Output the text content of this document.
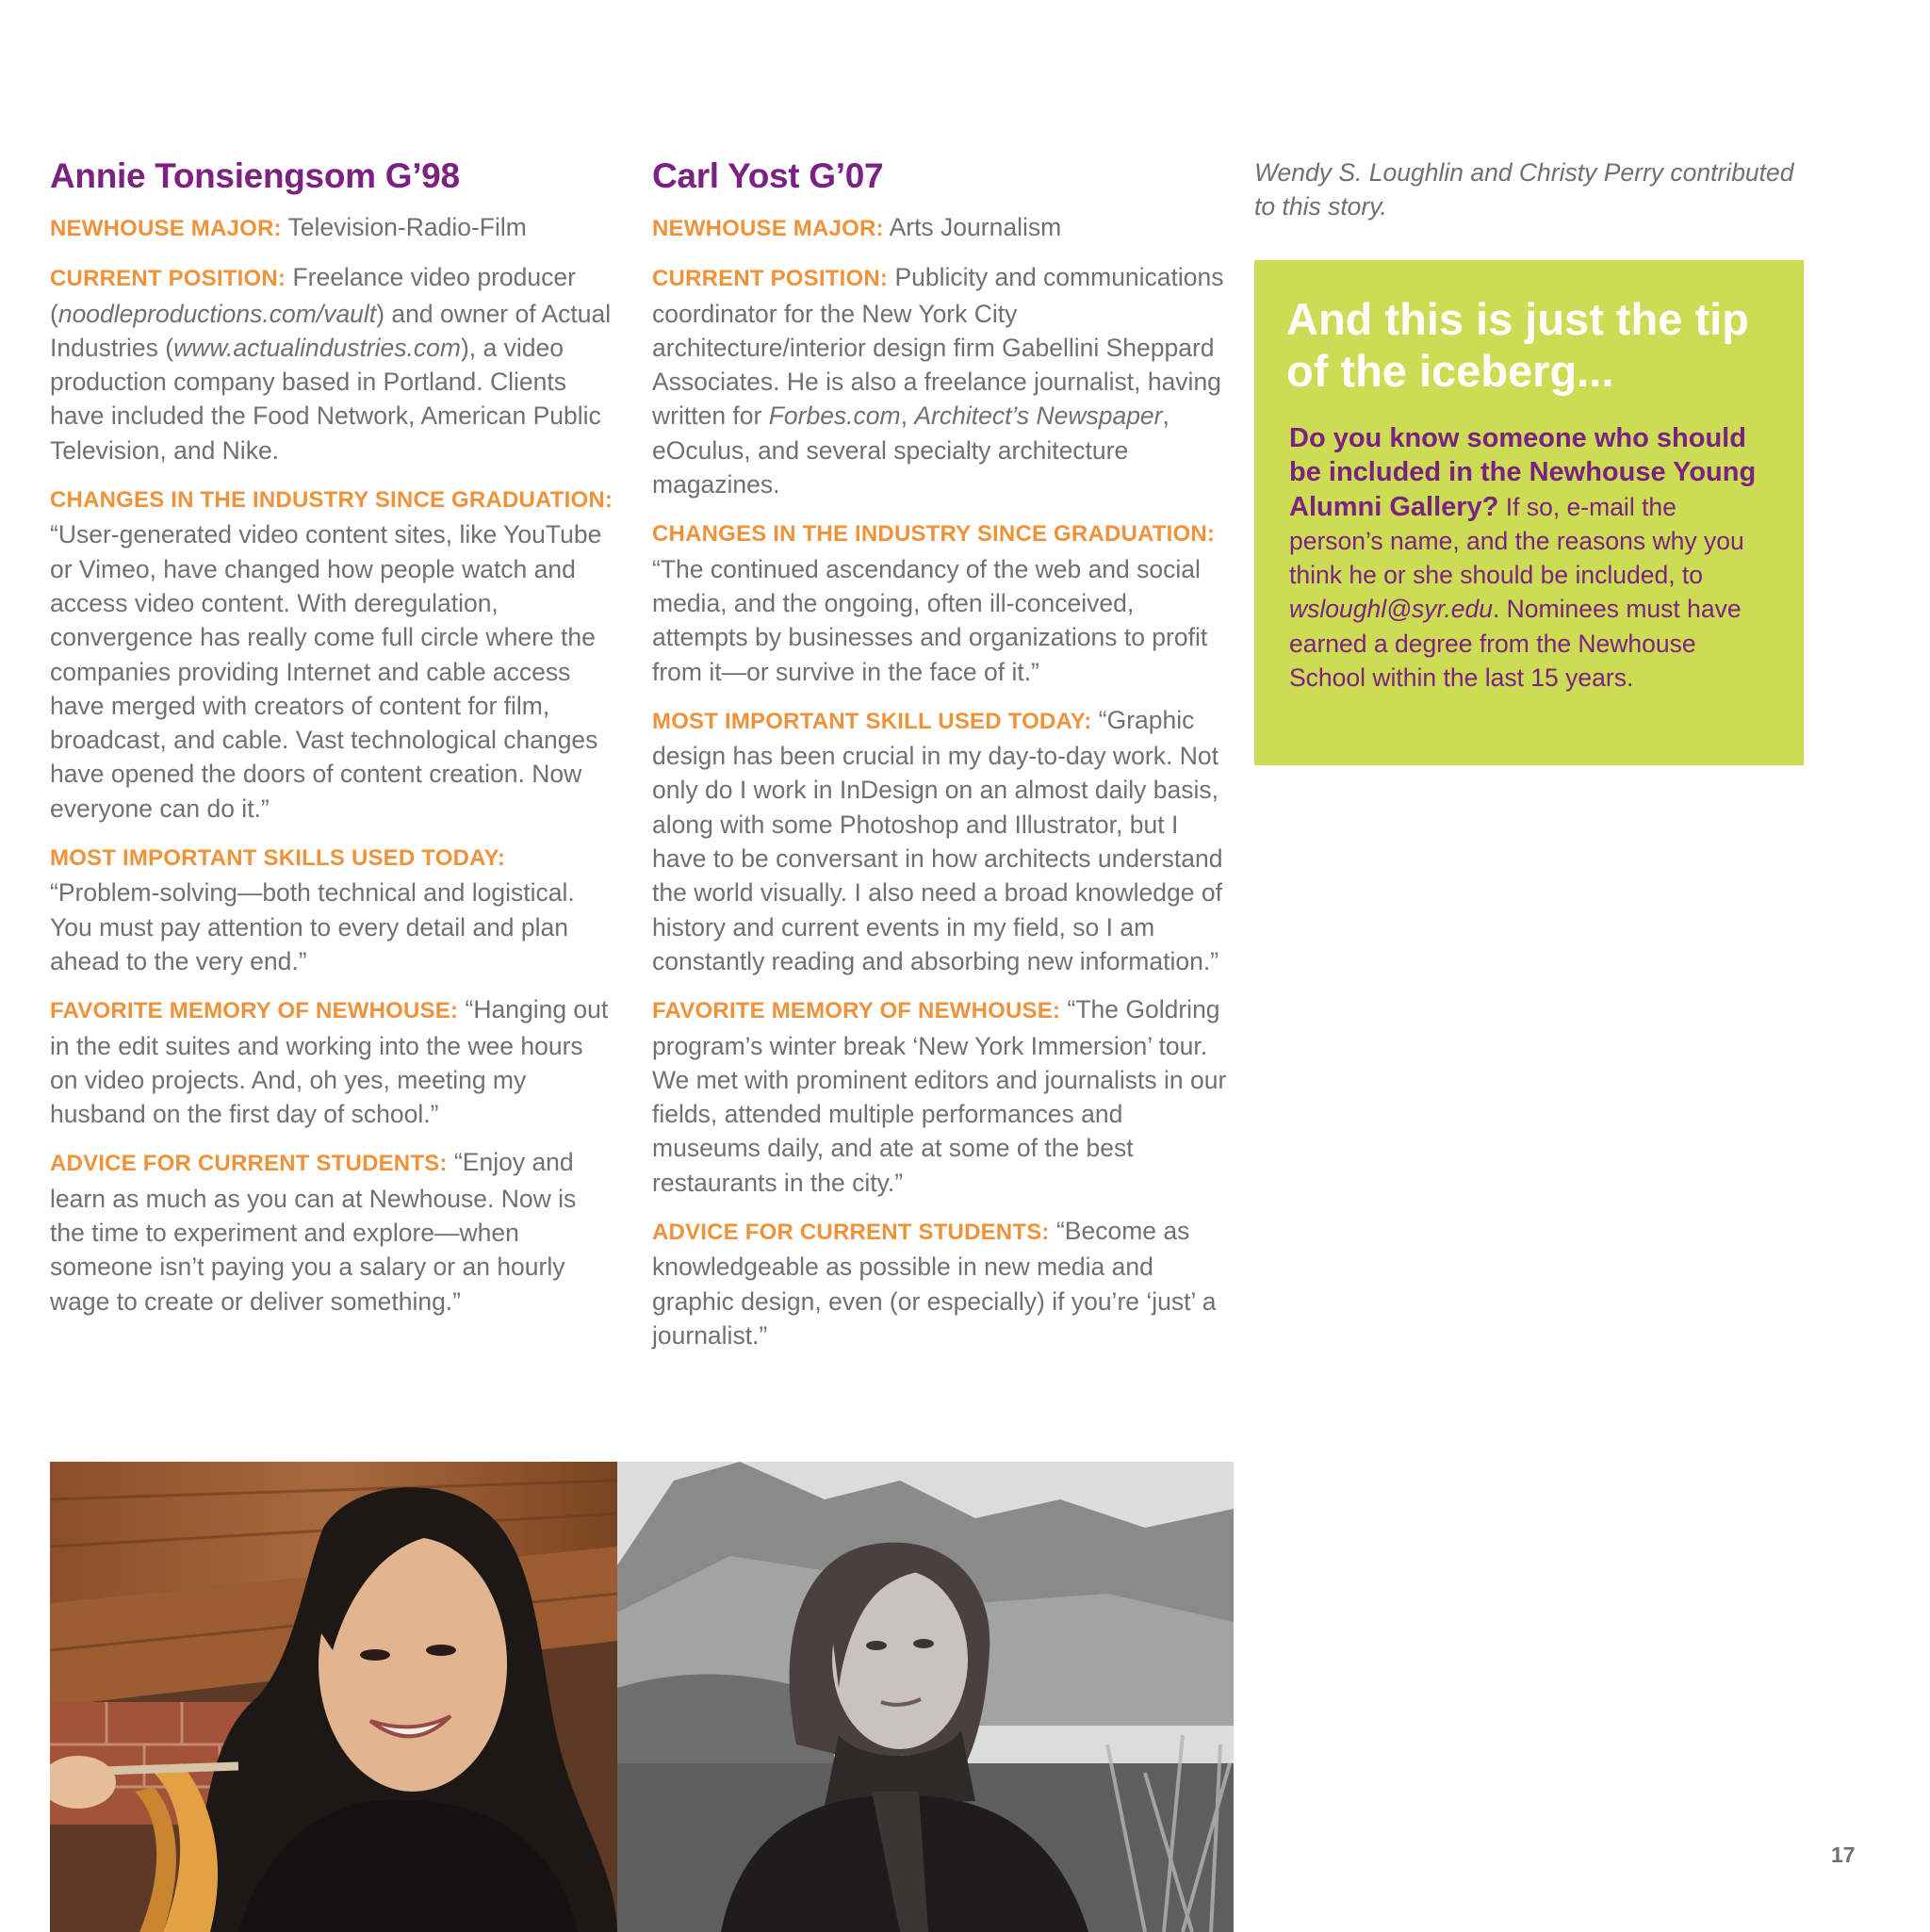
Annie Tonsiengsom G’98

NEWHOUSE MAJOR: Television-Radio-Film

CURRENT POSITION: Freelance video producer (noodleproductions.com/vault) and owner of Actual Industries (www.actualindustries.com), a video production company based in Portland. Clients have included the Food Network, American Public Television, and Nike.

CHANGES IN THE INDUSTRY SINCE GRADUATION: “User-generated video content sites, like YouTube or Vimeo, have changed how people watch and access video content. With deregulation, convergence has really come full circle where the companies providing Internet and cable access have merged with creators of content for film, broadcast, and cable. Vast technological changes have opened the doors of content creation. Now everyone can do it.”

MOST IMPORTANT SKILLS USED TODAY: “Problem-solving—both technical and logistical. You must pay attention to every detail and plan ahead to the very end.”

FAVORITE MEMORY OF NEWHOUSE: “Hanging out in the edit suites and working into the wee hours on video projects. And, oh yes, meeting my husband on the first day of school.”

ADVICE FOR CURRENT STUDENTS: “Enjoy and learn as much as you can at Newhouse. Now is the time to experiment and explore—when someone isn’t paying you a salary or an hourly wage to create or deliver something.”

Carl Yost G’07

NEWHOUSE MAJOR: Arts Journalism

CURRENT POSITION: Publicity and communications coordinator for the New York City architecture/interior design firm Gabellini Sheppard Associates. He is also a freelance journalist, having written for Forbes.com, Architect’s Newspaper, eOculus, and several specialty architecture magazines.

CHANGES IN THE INDUSTRY SINCE GRADUATION: “The continued ascendancy of the web and social media, and the ongoing, often ill-conceived, attempts by businesses and organizations to profit from it—or survive in the face of it.”

MOST IMPORTANT SKILL USED TODAY: “Graphic design has been crucial in my day-to-day work. Not only do I work in InDesign on an almost daily basis, along with some Photoshop and Illustrator, but I have to be conversant in how architects understand the world visually. I also need a broad knowledge of history and current events in my field, so I am constantly reading and absorbing new information.”

FAVORITE MEMORY OF NEWHOUSE: “The Goldring program’s winter break ‘New York Immersion’ tour. We met with prominent editors and journalists in our fields, attended multiple performances and museums daily, and ate at some of the best restaurants in the city.”

ADVICE FOR CURRENT STUDENTS: “Become as knowledgeable as possible in new media and graphic design, even (or especially) if you’re ‘just’ a journalist.”

Wendy S. Loughlin and Christy Perry contributed to this story.

And this is just the tip of the iceberg...

Do you know someone who should be included in the Newhouse Young Alumni Gallery? If so, e-mail the person’s name, and the reasons why you think he or she should be included, to wsloughl@syr.edu. Nominees must have earned a degree from the Newhouse School within the last 15 years.

17
